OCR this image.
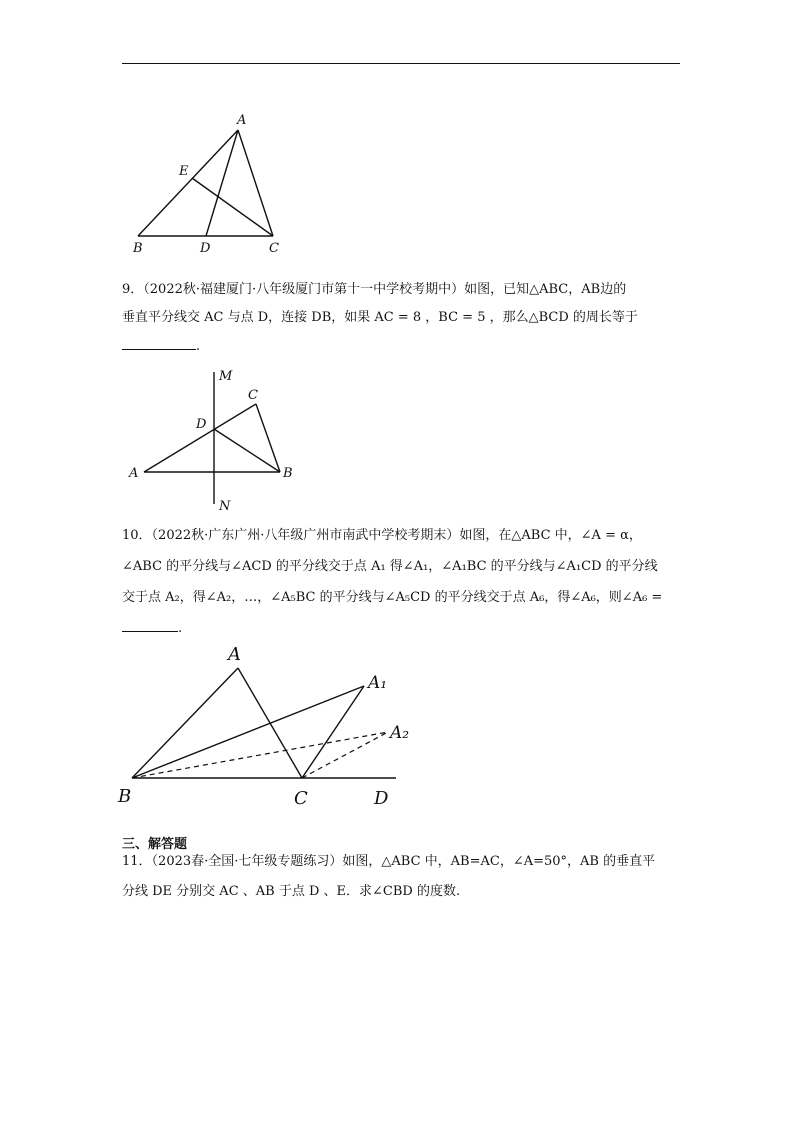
A
E
B	D	C
9．（2022秋·福建厦门·八年级厦门市第十一中学校考期中）如图，已知△ABC，AB边的
垂直平分线交 AC 与点 D，连接 DB，如果 AC = 8 ，BC = 5 ，那么△BCD 的周长等于
.
M
C
D
A	B
N
10．（2022秋·广东广州·八年级广州市南武中学校考期末）如图，在△ABC 中，∠A = α，
∠ABC 的平分线与∠ACD 的平分线交于点 A₁ 得∠A₁，∠A₁BC 的平分线与∠A₁CD 的平分线
交于点 A₂，得∠A₂，…，∠A₅BC 的平分线与∠A₅CD 的平分线交于点 A₆，得∠A₆，则∠A₆ =
.
A
A₁
A₂
B	C	D
三、解答题
11．（2023春·全国·七年级专题练习）如图，△ABC 中，AB=AC，∠A=50°，AB 的垂直平
分线 DE 分别交 AC 、AB 于点 D 、E．求∠CBD 的度数.
